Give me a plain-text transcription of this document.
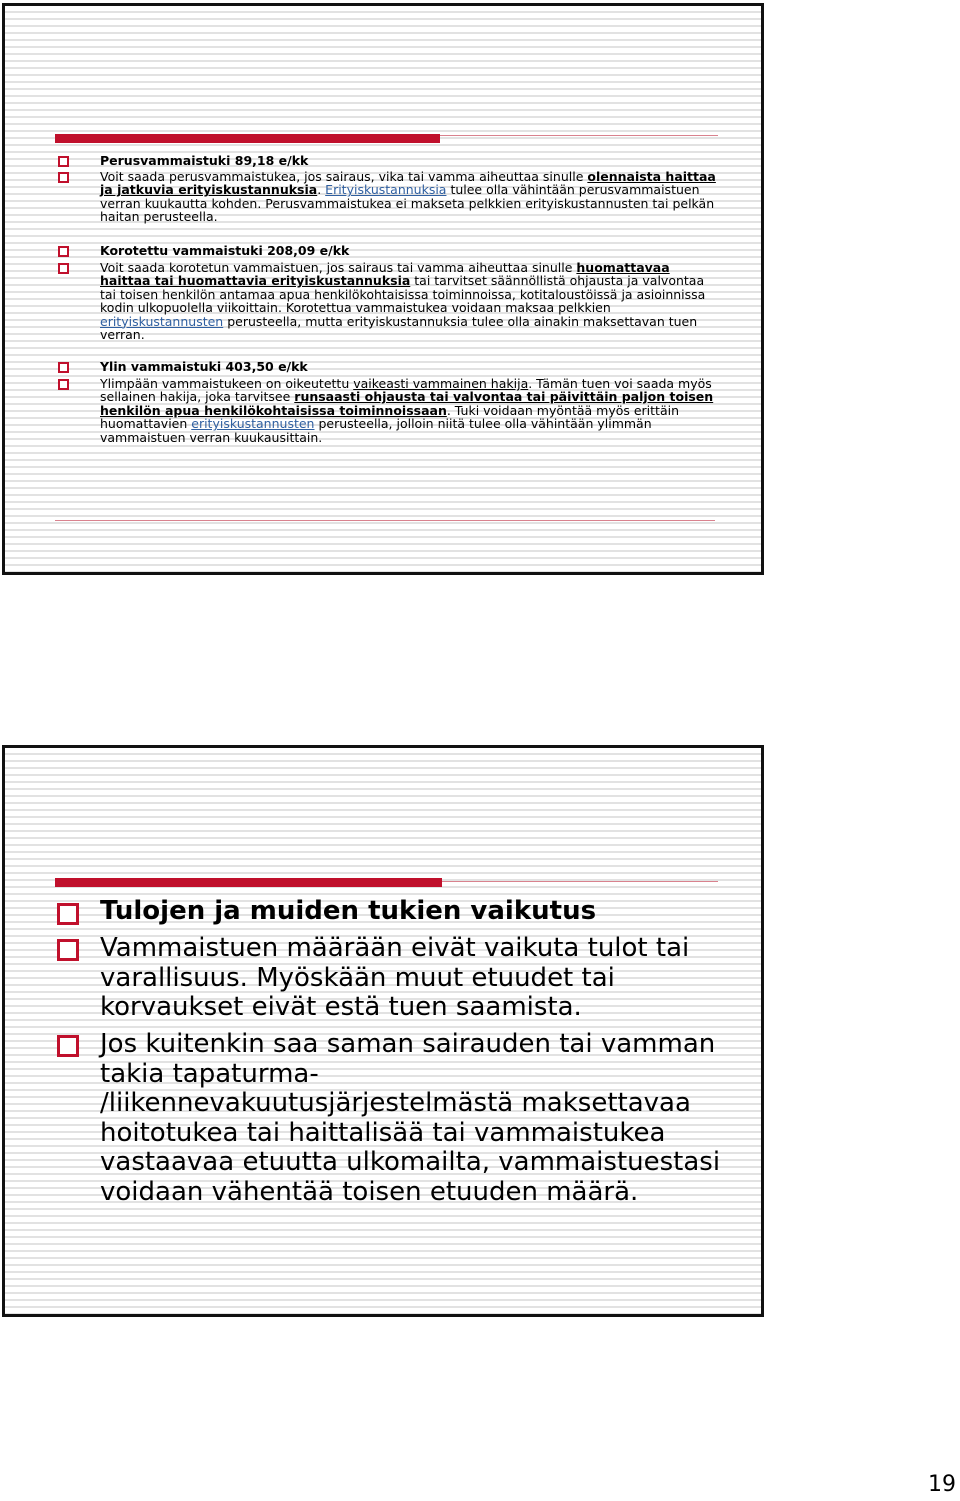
Perusvammaistuki 89,18 e/kk
Voit saada perusvammaistukea, jos sairaus, vika tai vamma aiheuttaa sinulle olennaista haittaa ja jatkuvia erityiskustannuksia. Erityiskustannuksia tulee olla vähintään perusvammaistuen verran kuukautta kohden. Perusvammaistukea ei makseta pelkkien erityiskustannusten tai pelkän haitan perusteella.
Korotettu vammaistuki 208,09 e/kk
Voit saada korotetun vammaistuen, jos sairaus tai vamma aiheuttaa sinulle huomattavaa haittaa tai huomattavia erityiskustannuksia tai tarvitset säännöllistä ohjausta ja valvontaa tai toisen henkilön antamaa apua henkilökohtaisissa toiminnoissa, kotitaloustöissä ja asioinnissa kodin ulkopuolella viikoittain. Korotettua vammaistukea voidaan maksaa pelkkien erityiskustannusten perusteella, mutta erityiskustannuksia tulee olla ainakin maksettavan tuen verran.
Ylin vammaistuki 403,50 e/kk
Ylimpään vammaistukeen on oikeutettu vaikeasti vammainen hakija. Tämän tuen voi saada myös sellainen hakija, joka tarvitsee runsaasti ohjausta tai valvontaa tai päivittäin paljon toisen henkilön apua henkilökohtaisissa toiminnoissaan. Tuki voidaan myöntää myös erittäin huomattavien erityiskustannusten perusteella, jolloin niitä tulee olla vähintään ylimmän vammaistuen verran kuukausittain.
Tulojen ja muiden tukien vaikutus
Vammaistuen määrään eivät vaikuta tulot tai varallisuus. Myöskään muut etuudet tai korvaukset eivät estä tuen saamista.
Jos kuitenkin saa saman sairauden tai vamman takia tapaturma- /liikennevakuutusjärjestelmästä maksettavaa hoitotukea tai haittalisää tai vammaistukea vastaavaa etuutta ulkomailta, vammaistuestasi voidaan vähentää toisen etuuden määrä.
19
